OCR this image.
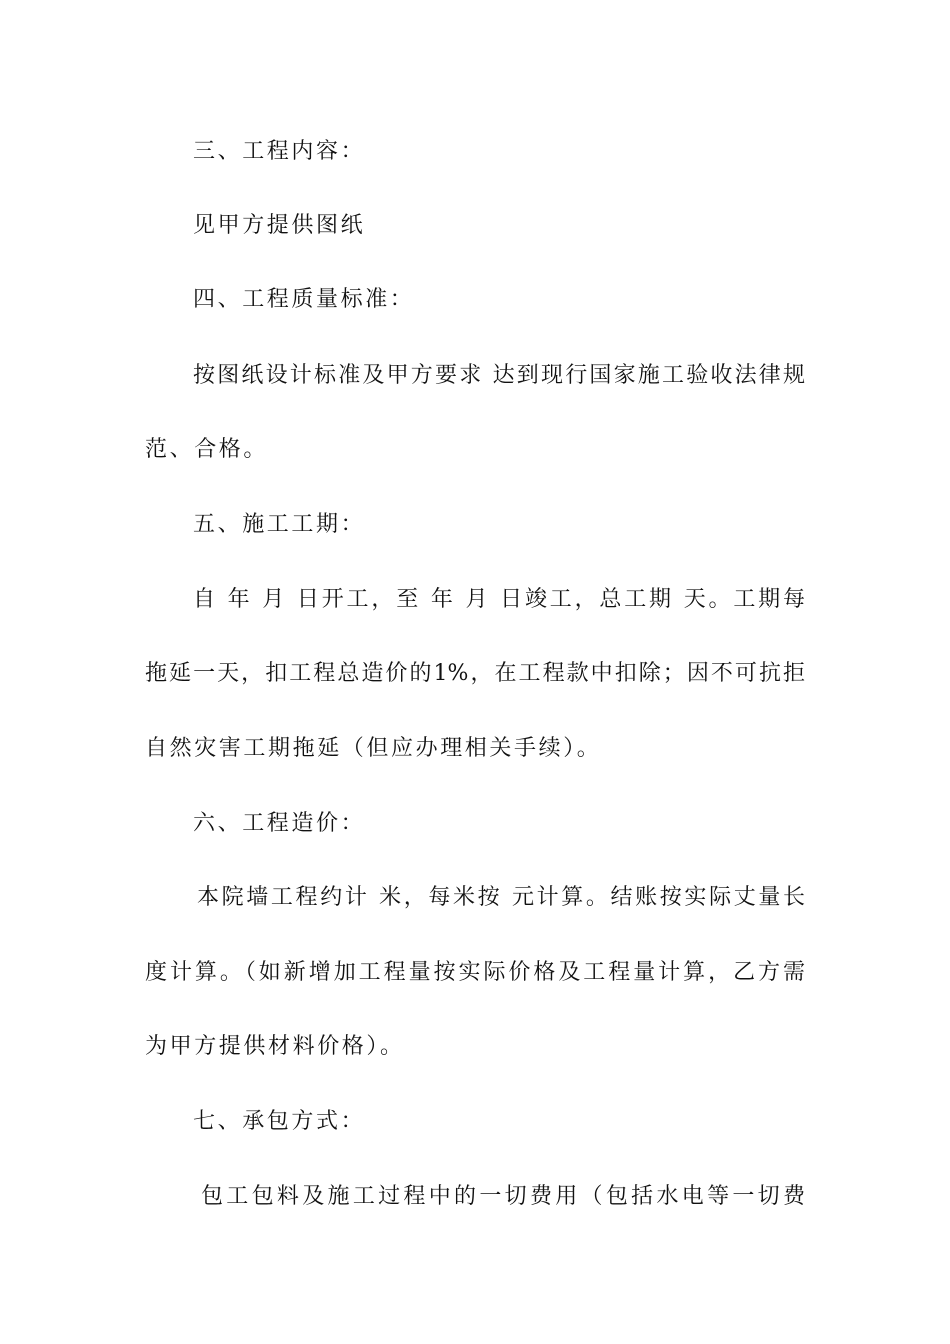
三、工程内容：
见甲方提供图纸
四、工程质量标准：
按图纸设计标准及甲方要求 达到现行国家施工验收法律规
范、合格。
五、施工工期：
自 年 月 日开工，至 年 月 日竣工，总工期 天。工期每
拖延一天，扣工程总造价的1%，在工程款中扣除；因不可抗拒
自然灾害工期拖延（但应办理相关手续）。
六、工程造价：
本院墙工程约计 米，每米按 元计算。结账按实际丈量长
度计算。（如新增加工程量按实际价格及工程量计算，乙方需
为甲方提供材料价格）。
七、承包方式：
包工包料及施工过程中的一切费用（包括水电等一切费
